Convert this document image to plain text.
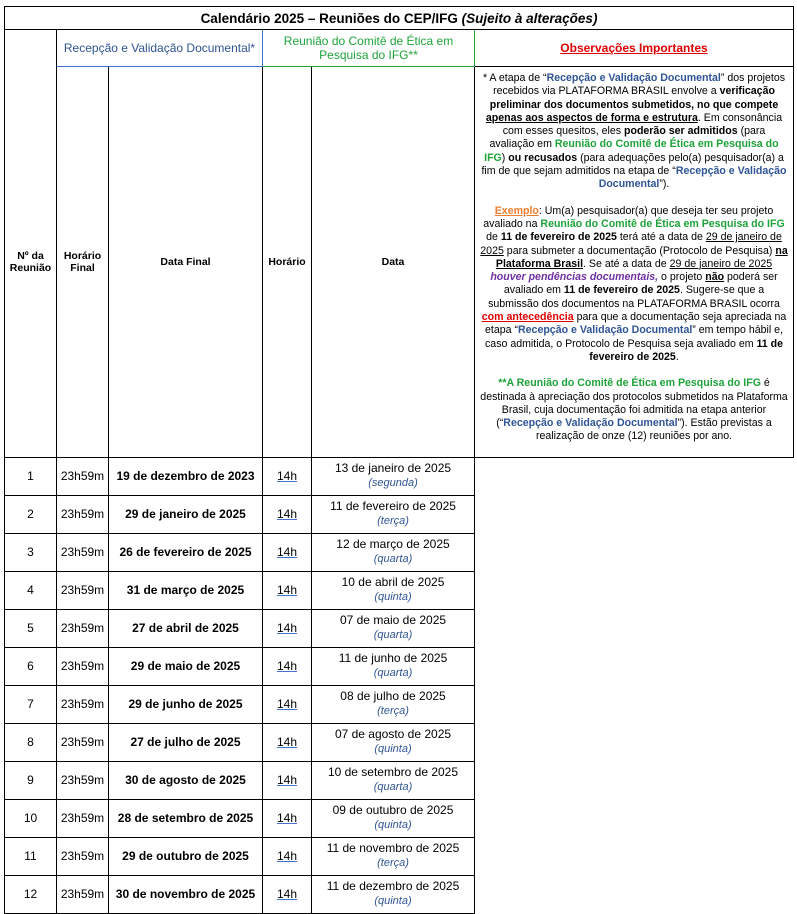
Calendário 2025 – Reuniões do CEP/IFG (Sujeito à alterações)					
	Recepção e Validação Documental*		Reunião do Comitê de Ética em Pesquisa do IFG**		Observações Importantes
Nº da Reunião	Horário Final	Data Final	Horário	Data	* A etapa de “Recepção e Validação Documental” dos projetos recebidos via PLATAFORMA BRASIL envolve a verificação preliminar dos documentos submetidos, no que compete apenas aos aspectos de forma e estrutura. Em consonância com esses quesitos, eles poderão ser admitidos (para avaliação em Reunião do Comitê de Ética em Pesquisa do IFG) ou recusados (para adequações pelo(a) pesquisador(a) a fim de que sejam admitidos na etapa de “Recepção e Validação Documental”).

Exemplo: Um(a) pesquisador(a) que deseja ter seu projeto avaliado na Reunião do Comitê de Ética em Pesquisa do IFG de 11 de fevereiro de 2025 terá até a data de 29 de janeiro de 2025 para submeter a documentação (Protocolo de Pesquisa) na Plataforma Brasil. Se até a data de 29 de janeiro de 2025 houver pendências documentais, o projeto não poderá ser avaliado em 11 de fevereiro de 2025. Sugere-se que a submissão dos documentos na PLATAFORMA BRASIL ocorra com antecedência para que a documentação seja apreciada na etapa “Recepção e Validação Documental” em tempo hábil e, caso admitida, o Protocolo de Pesquisa seja avaliado em 11 de fevereiro de 2025.

**A Reunião do Comitê de Ética em Pesquisa do IFG é destinada à apreciação dos protocolos submetidos na Plataforma Brasil, cuja documentação foi admitida na etapa anterior (“Recepção e Validação Documental”). Estão previstas a realização de onze (12) reuniões por ano.

1	23h59m	19 de dezembro de 2023	14h	13 de janeiro de 2025
(segunda)	

2	23h59m	29 de janeiro de 2025	14h	11 de fevereiro de 2025
(terça)	

3	23h59m	26 de fevereiro de 2025	14h	12 de março de 2025
(quarta)	

4	23h59m	31 de março de 2025	14h	10 de abril de 2025
(quinta)	

5	23h59m	27 de abril de 2025	14h	07 de maio de 2025
(quarta)	

6	23h59m	29 de maio de 2025	14h	11 de junho de 2025
(quarta)	

7	23h59m	29 de junho de 2025	14h	08 de julho de 2025
(terça)	

8	23h59m	27 de julho de 2025	14h	07 de agosto de 2025
(quinta)	

9	23h59m	30 de agosto de 2025	14h	10 de setembro de 2025
(quarta)	

10	23h59m	28 de setembro de 2025	14h	09 de outubro de 2025
(quinta)	

11	23h59m	29 de outubro de 2025	14h	11 de novembro de 2025
(terça)	

12	23h59m	30 de novembro de 2025	14h	11 de dezembro de 2025
(quinta)	
